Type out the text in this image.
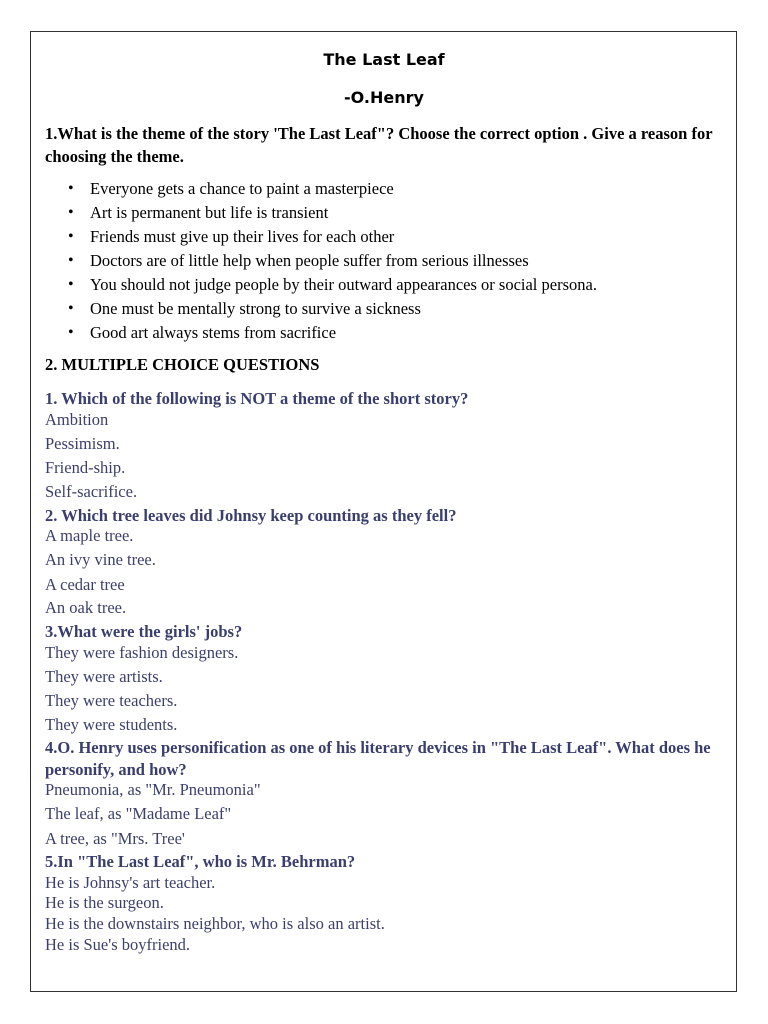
The Last Leaf
-O.Henry
1.What is the theme of the story 'The Last Leaf"? Choose the correct option . Give a reason for choosing the theme.
• Everyone gets a chance to paint a masterpiece
• Art is permanent but life is transient
• Friends must give up their lives for each other
• Doctors are of little help when people suffer from serious illnesses
• You should not judge people by their outward appearances or social persona.
• One must be mentally strong to survive a sickness
• Good art always stems from sacrifice
2. MULTIPLE CHOICE QUESTIONS
1. Which of the following is NOT a theme of the short story?
Ambition
Pessimism.
Friend-ship.
Self-sacrifice.
2. Which tree leaves did Johnsy keep counting as they fell?
A maple tree.
An ivy vine tree.
A cedar tree
An oak tree.
3.What were the girls' jobs?
They were fashion designers.
They were artists.
They were teachers.
They were students.
4.O. Henry uses personification as one of his literary devices in "The Last Leaf". What does he personify, and how?
Pneumonia, as "Mr. Pneumonia"
The leaf, as "Madame Leaf"
A tree, as "Mrs. Tree'
5.In "The Last Leaf", who is Mr. Behrman?
He is Johnsy's art teacher.
He is the surgeon.
He is the downstairs neighbor, who is also an artist.
He is Sue's boyfriend.
